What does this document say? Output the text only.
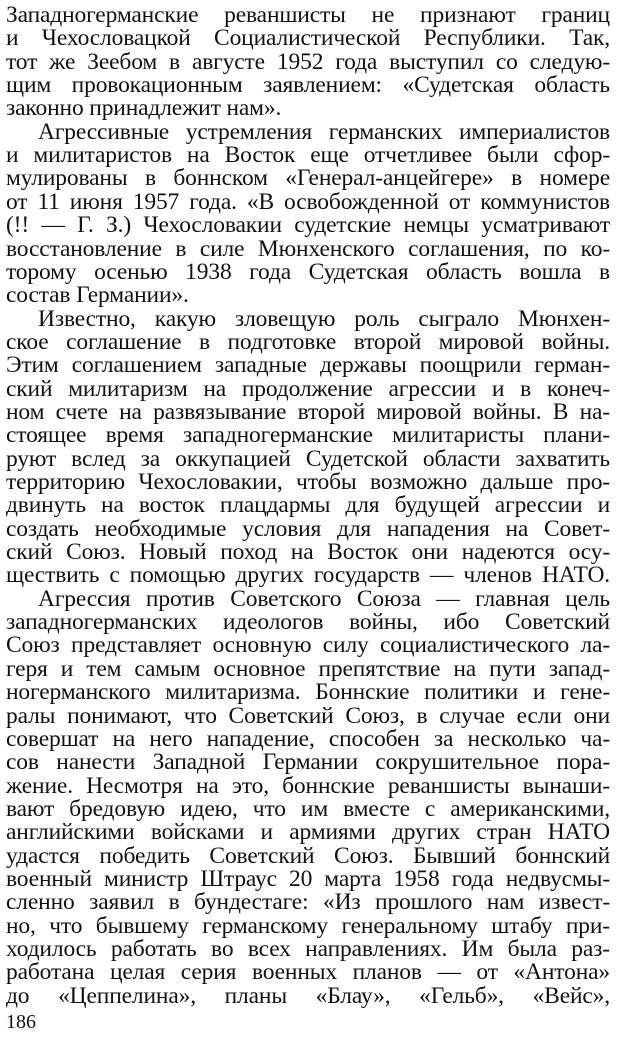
Западногерманские реваншисты не признают границ
и Чехословацкой Социалистической Республики. Так,
тот же Зеебом в августе 1952 года выступил со следую-
щим провокационным заявлением: «Судетская область
законно принадлежит нам».
Агрессивные устремления германских империалистов
и милитаристов на Восток еще отчетливее были сфор-
мулированы в боннском «Генерал-анцейгере» в номере
от 11 июня 1957 года. «В освобожденной от коммунистов
(!! — Г. З.) Чехословакии судетские немцы усматривают
восстановление в силе Мюнхенского соглашения, по ко-
торому осенью 1938 года Судетская область вошла в
состав Германии».
Известно, какую зловещую роль сыграло Мюнхен-
ское соглашение в подготовке второй мировой войны.
Этим соглашением западные державы поощрили герман-
ский милитаризм на продолжение агрессии и в конеч-
ном счете на развязывание второй мировой войны. В на-
стоящее время западногерманские милитаристы плани-
руют вслед за оккупацией Судетской области захватить
территорию Чехословакии, чтобы возможно дальше про-
двинуть на восток плацдармы для будущей агрессии и
создать необходимые условия для нападения на Совет-
ский Союз. Новый поход на Восток они надеются осу-
ществить с помощью других государств — членов НАТО.
Агрессия против Советского Союза — главная цель
западногерманских идеологов войны, ибо Советский
Союз представляет основную силу социалистического ла-
геря и тем самым основное препятствие на пути запад-
ногерманского милитаризма. Боннские политики и гене-
ралы понимают, что Советский Союз, в случае если они
совершат на него нападение, способен за несколько ча-
сов нанести Западной Германии сокрушительное пора-
жение. Несмотря на это, боннские реваншисты вынаши-
вают бредовую идею, что им вместе с американскими,
английскими войсками и армиями других стран НАТО
удастся победить Советский Союз. Бывший боннский
военный министр Штраус 20 марта 1958 года недвусмы-
сленно заявил в бундестаге: «Из прошлого нам извест-
но, что бывшему германскому генеральному штабу при-
ходилось работать во всех направлениях. Им была раз-
работана целая серия военных планов — от «Антона»
до «Цеппелина», планы «Блау», «Гельб», «Вейс»,
186
